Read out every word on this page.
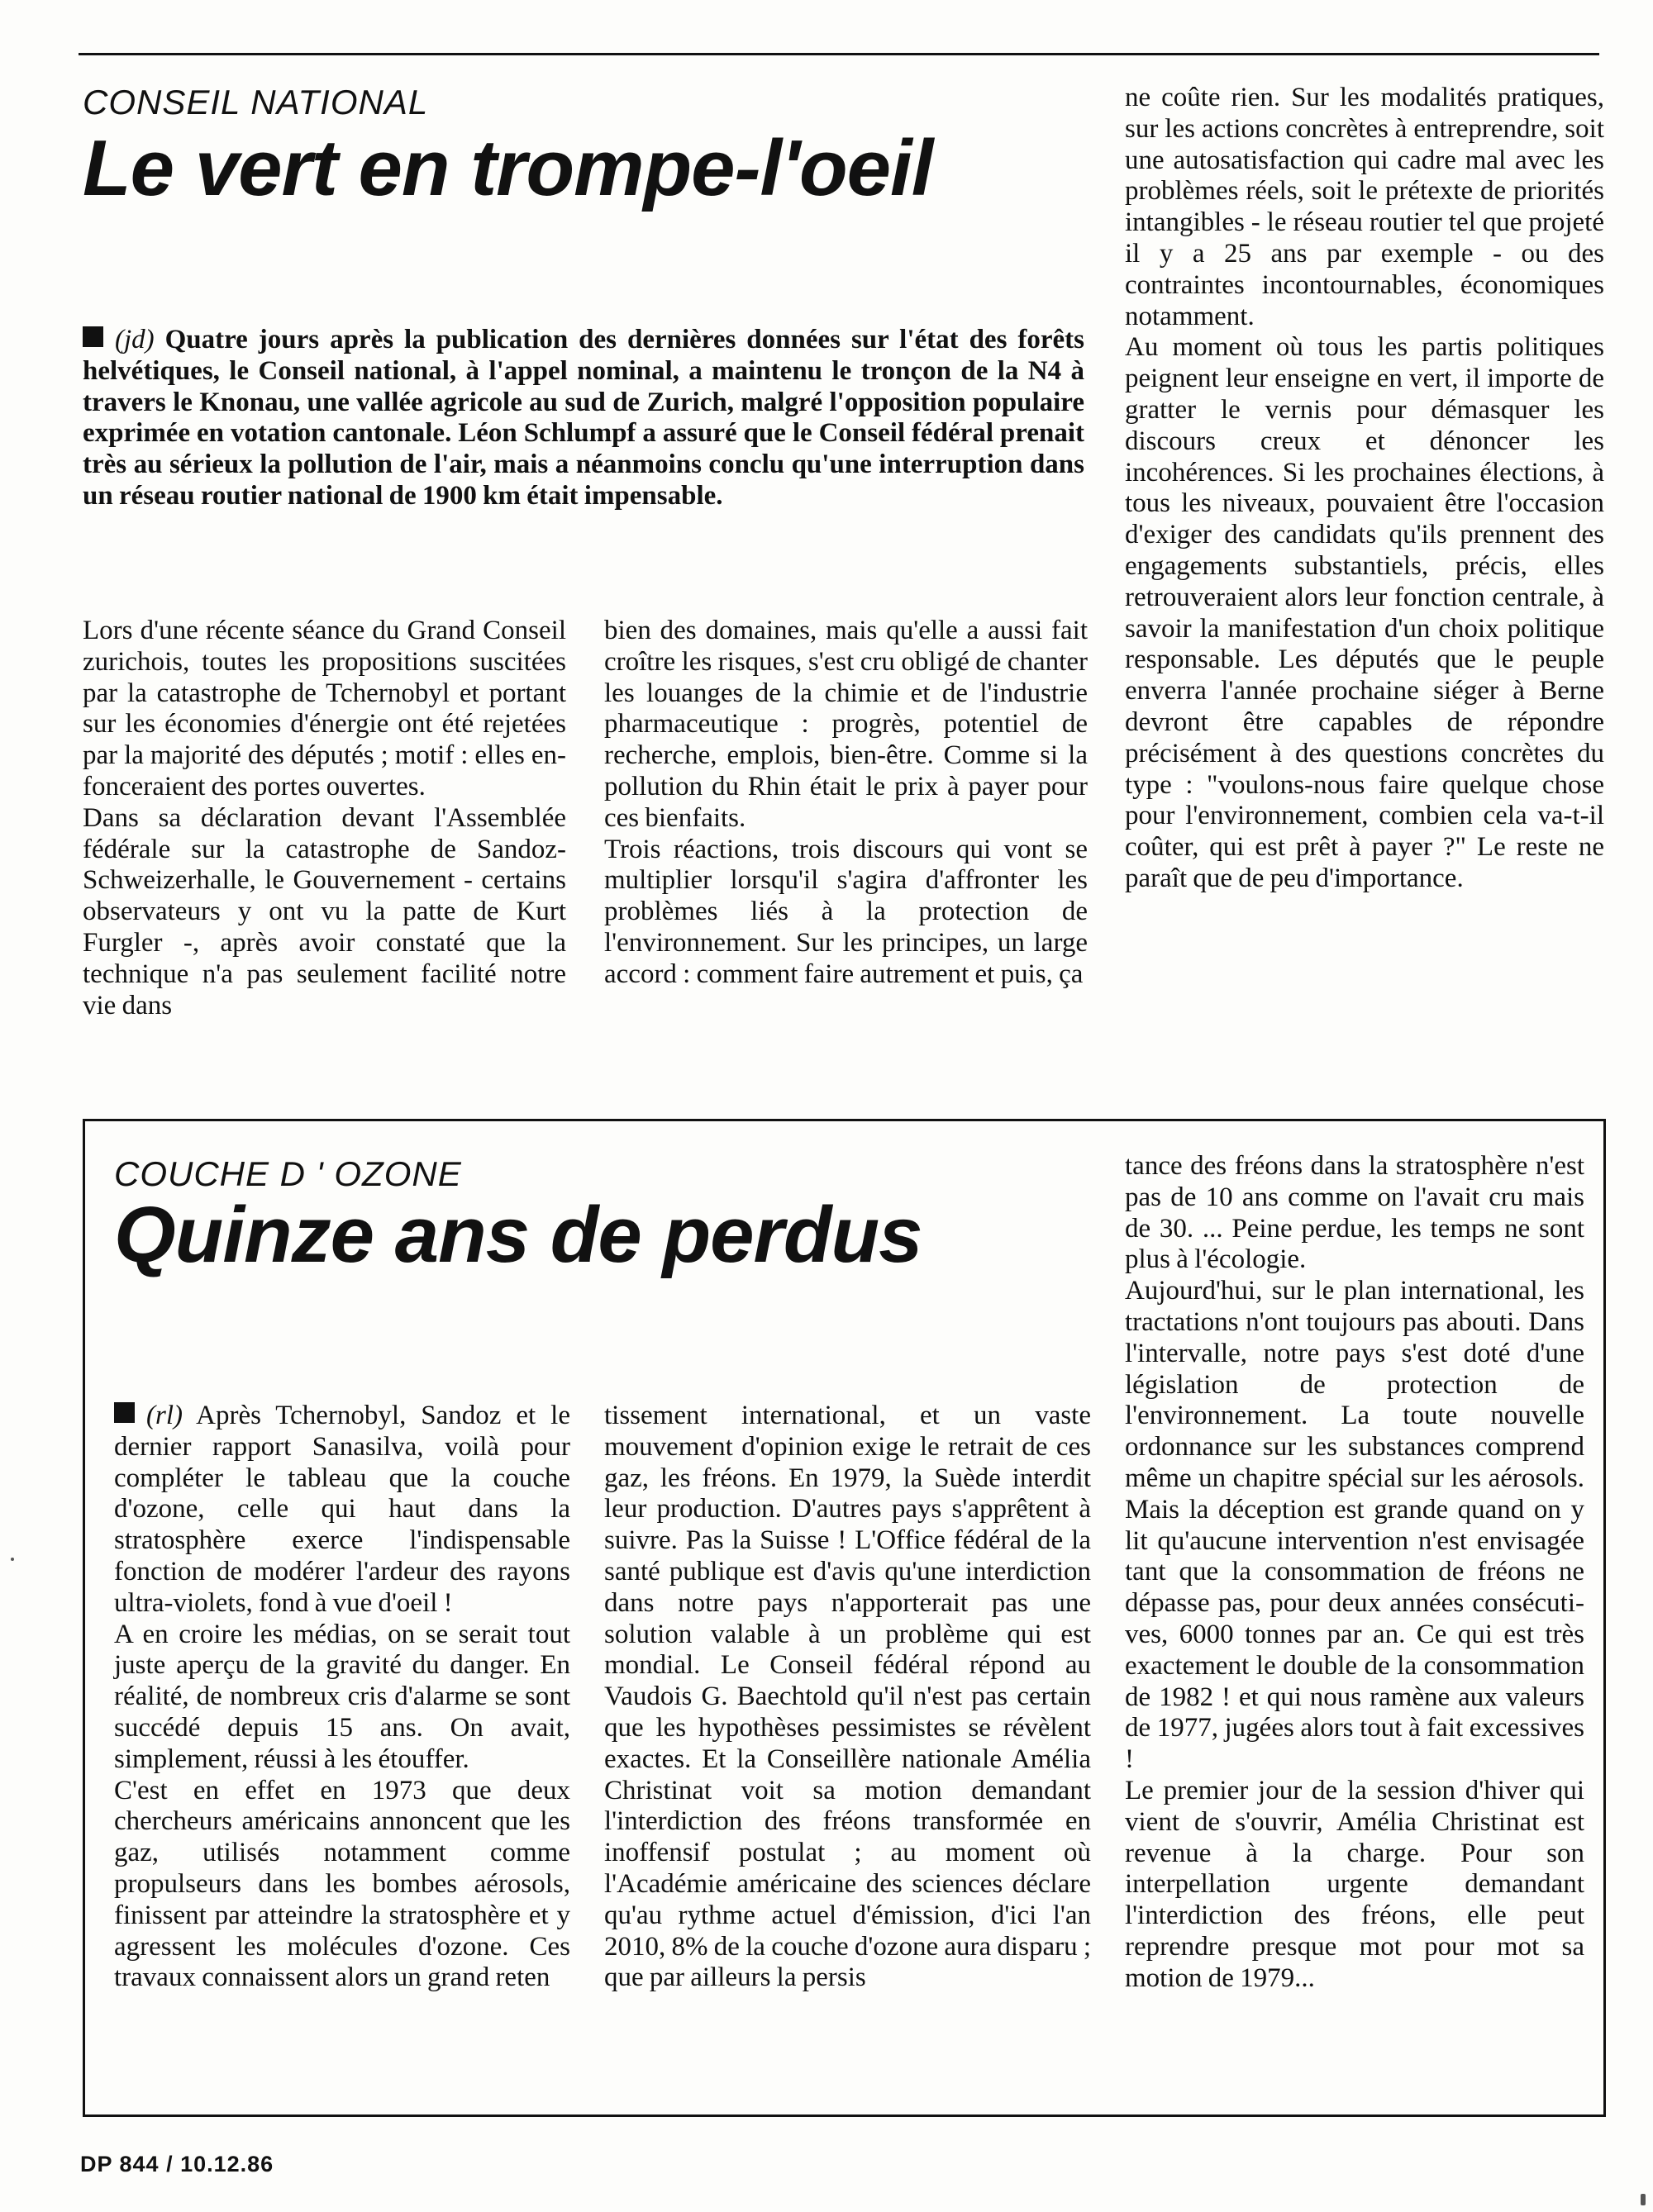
CONSEIL NATIONAL
Le vert en trompe-l'oeil
(jd) Quatre jours après la publication des dernières données sur l'état des forêts helvétiques, le Conseil national, à l'appel nominal, a maintenu le tronçon de la N4 à travers le Knonau, une vallée agricole au sud de Zurich, malgré l'opposition populaire exprimée en votation cantonale. Léon Schlumpf a assuré que le Conseil fédéral prenait très au sérieux la pollution de l'air, mais a néanmoins conclu qu'une interruption dans un réseau routier national de 1900 km était impensable.

Lors d'une récente séance du Grand Conseil zurichois, toutes les propositions suscitées par la catastrophe de Tchernobyl et portant sur les économies d'énergie ont été rejetées par la majorité des députés ; motif : elles enfonceraient des portes ouvertes.

Dans sa déclaration devant l'Assemblée fédérale sur la catastrophe de Sandoz-Schweizerhalle, le Gouvernement - certains observateurs y ont vu la patte de Kurt Furgler -, après avoir constaté que la technique n'a pas seulement facilité notre vie dans

bien des domaines, mais qu'elle a aussi fait croître les risques, s'est cru obligé de chanter les louanges de la chimie et de l'industrie pharmaceutique : progrès, potentiel de recherche, emplois, bien-être. Comme si la pollution du Rhin était le prix à payer pour ces bienfaits.

Trois réactions, trois discours qui vont se multiplier lorsqu'il s'agira d'affronter les problèmes liés à la protection de l'environnement. Sur les principes, un large accord : comment faire autrement et puis, ça

ne coûte rien. Sur les modalités pratiques, sur les actions concrètes à entreprendre, soit une autosatisfaction qui cadre mal avec les problèmes réels, soit le prétexte de priorités intangibles - le réseau routier tel que projeté il y a 25 ans par exemple - ou des contraintes incontournables, économiques notamment.

Au moment où tous les partis politiques peignent leur enseigne en vert, il importe de gratter le vernis pour démasquer les discours creux et dénoncer les incohérences. Si les prochaines élections, à tous les niveaux, pouvaient être l'occasion d'exiger des candidats qu'ils prennent des engagements substantiels, précis, elles retrouveraient alors leur fonction centrale, à savoir la manifestation d'un choix politique responsable. Les députés que le peuple enverra l'année prochaine siéger à Berne devront être capables de répondre précisément à des questions concrètes du type : "voulons-nous faire quelque chose pour l'environnement, combien cela va-t-il coûter, qui est prêt à payer ?" Le reste ne paraît que de peu d'importance.

COUCHE D ' OZONE
Quinze ans de perdus

(rl) Après Tchernobyl, Sandoz et le dernier rapport Sanasilva, voilà pour compléter le tableau que la couche d'ozone, celle qui haut dans la stratosphère exerce l'indispensable fonction de modérer l'ardeur des rayons ultra-violets, fond à vue d'oeil !

A en croire les médias, on se serait tout juste aperçu de la gravité du danger. En réalité, de nombreux cris d'alarme se sont succédé depuis 15 ans. On avait, simplement, réussi à les étouffer.

C'est en effet en 1973 que deux chercheurs américains annoncent que les gaz, utilisés notamment comme propulseurs dans les bombes aérosols, finissent par atteindre la stratosphère et y agressent les molécules d'ozone. Ces travaux connaissent alors un grand reten

tissement international, et un vaste mouvement d'opinion exige le retrait de ces gaz, les fréons. En 1979, la Suède interdit leur production. D'autres pays s'apprêtent à suivre. Pas la Suisse ! L'Office fédéral de la santé publique est d'avis qu'une interdiction dans notre pays n'apporterait pas une solution valable à un problème qui est mondial. Le Conseil fédéral répond au Vaudois G. Baechtold qu'il n'est pas certain que les hypothèses pessimistes se révèlent exactes. Et la Conseillère nationale Amélia Christinat voit sa motion demandant l'interdiction des fréons transformée en inoffensif postulat ; au moment où l'Académie américaine des sciences déclare qu'au rythme actuel d'émission, d'ici l'an 2010, 8% de la couche d'ozone aura disparu ; que par ailleurs la persis

tance des fréons dans la stratosphère n'est pas de 10 ans comme on l'avait cru mais de 30. ... Peine perdue, les temps ne sont plus à l'écologie.

Aujourd'hui, sur le plan international, les tractations n'ont toujours pas abouti. Dans l'intervalle, notre pays s'est doté d'une législation de protection de l'environnement. La toute nouvelle ordonnance sur les substances comprend même un chapitre spécial sur les aérosols. Mais la déception est grande quand on y lit qu'aucune intervention n'est envisagée tant que la consommation de fréons ne dépasse pas, pour deux années consécutives, 6000 tonnes par an. Ce qui est très exactement le double de la consommation de 1982 ! et qui nous ramène aux valeurs de 1977, jugées alors tout à fait excessives !

Le premier jour de la session d'hiver qui vient de s'ouvrir, Amélia Christinat est revenue à la charge. Pour son interpellation urgente demandant l'interdiction des fréons, elle peut reprendre presque mot pour mot sa motion de 1979...

DP 844 / 10.12.86
